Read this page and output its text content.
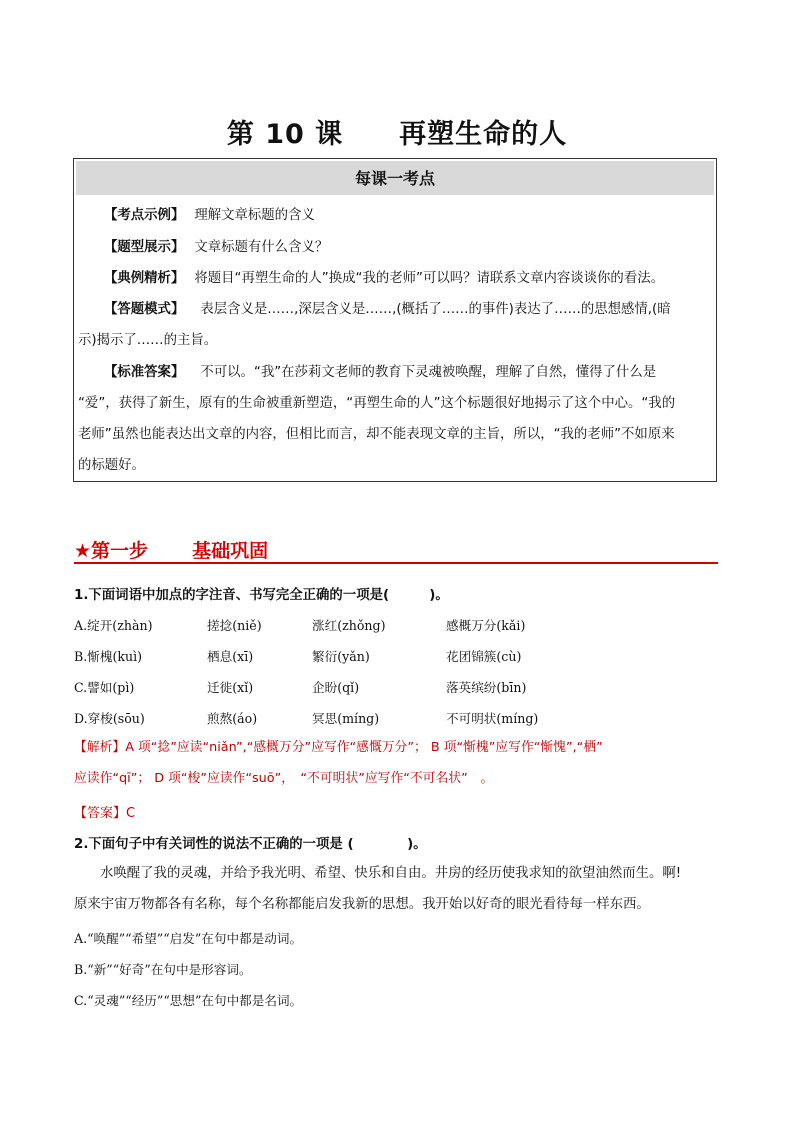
第 10 课 再塑生命的人
每课一考点
【考点示例】 理解文章标题的含义
【题型展示】 文章标题有什么含义？
【典例精析】 将题目“再塑生命的人”换成“我的老师”可以吗？请联系文章内容谈谈你的看法。
【答题模式】 表层含义是……,深层含义是……,(概括了……的事件)表达了……的思想感情,(暗
示)揭示了……的主旨。
【标准答案】 不可以。“我”在莎莉文老师的教育下灵魂被唤醒，理解了自然，懂得了什么是
“爱”，获得了新生，原有的生命被重新塑造，“再塑生命的人”这个标题很好地揭示了这个中心。“我的
老师”虽然也能表达出文章的内容，但相比而言，却不能表现文章的主旨，所以，“我的老师”不如原来
的标题好。
★第一步 基础巩固
1.下面词语中加点的字注音、书写完全正确的一项是(　　　)。
A.绽开(zhàn)	搓捻(niě)	涨红(zhǒng)	感概万分(kǎi)
B.惭槐(kuì)	栖息(xī)	繁衍(yǎn)	花团锦簇(cù)
C.譬如(pì)	迁徙(xǐ)	企盼(qǐ)	落英缤纷(bīn)
D.穿梭(sōu)	煎熬(áo)	冥思(míng)	不可明状(míng)
【解析】A 项“捻”应读“niǎn”,“感概万分”应写作“感慨万分”； B 项“惭槐”应写作“惭愧”,“栖”
应读作“qī”； D 项“梭”应读作“suō”，　“不可明状”应写作“不可名状”　。
【答案】C
2.下面句子中有关词性的说法不正确的一项是 (　　　　)。
水唤醒了我的灵魂，并给予我光明、希望、快乐和自由。井房的经历使我求知的欲望油然而生。啊!
原来宇宙万物都各有名称，每个名称都能启发我新的思想。我开始以好奇的眼光看待每一样东西。
A.“唤醒”“希望”“启发”在句中都是动词。
B.“新”“好奇”在句中是形容词。
C.“灵魂”“经历”“思想”在句中都是名词。
